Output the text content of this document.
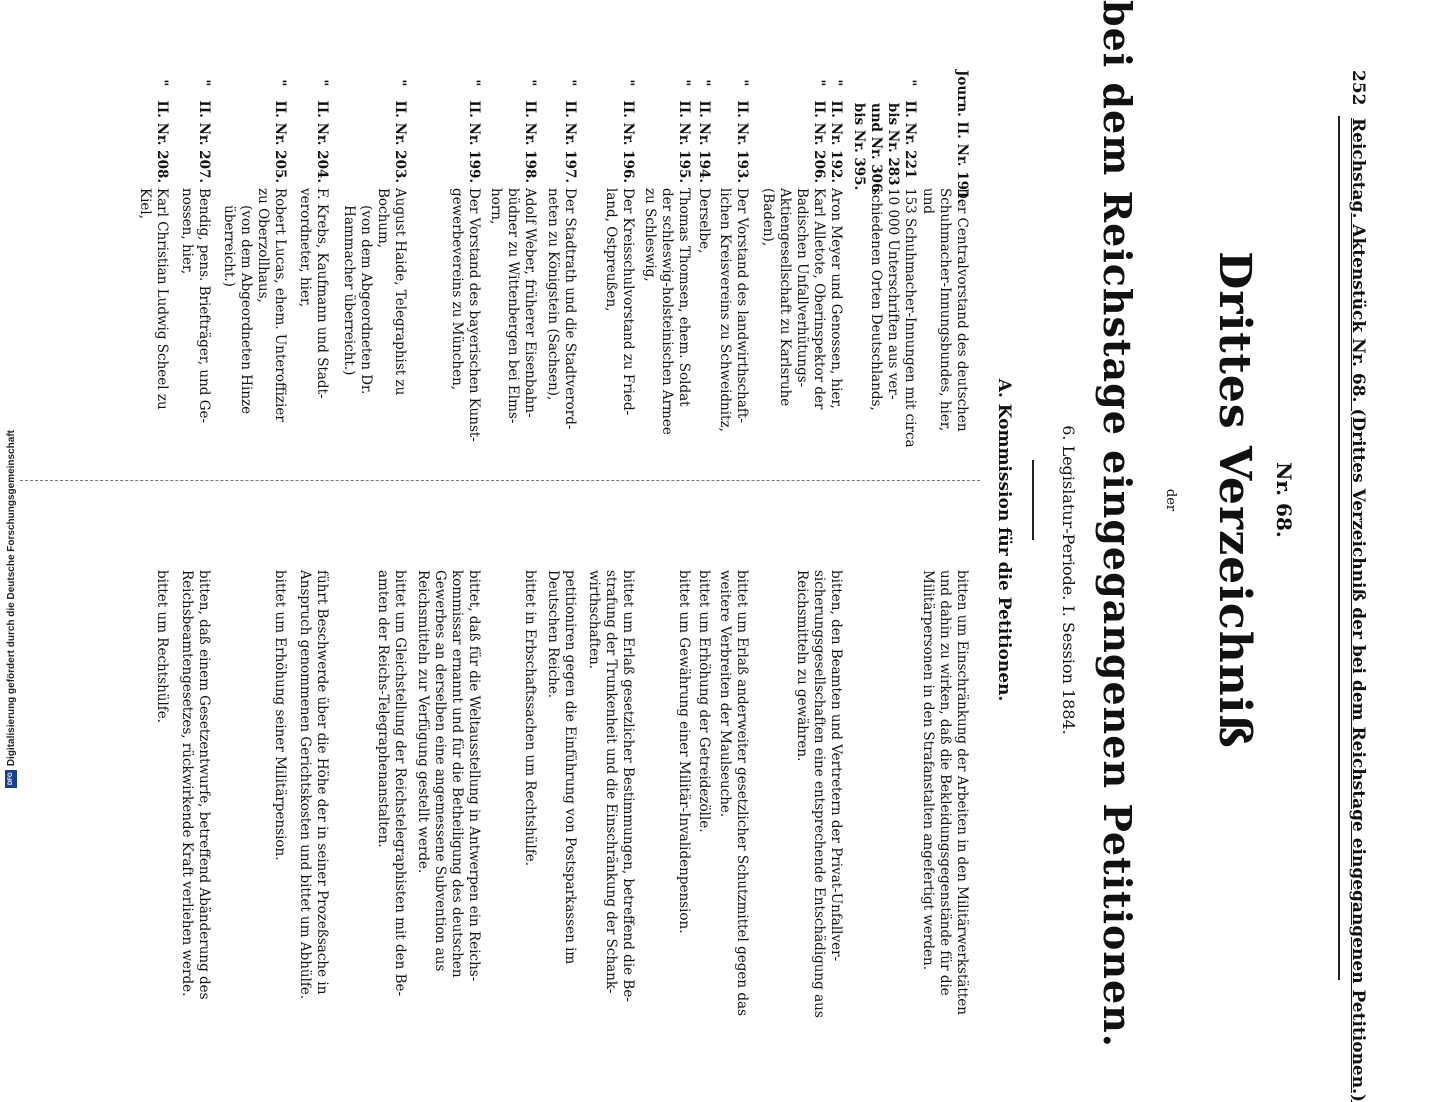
252
Reichstag. Aktenstück Nr. 68. (Drittes Verzeichniß der bei dem Reichstage eingegangenen Petitionen.)
Nr. 68.
Drittes Verzeichniß
der
bei dem Reichstage eingegangenen Petitionen.
6. Legislatur-Periode. I. Session 1884.
A. Kommission für die Petitionen.
Journ. II. Nr. 191.
Der Centralvorstand des deutschen
Schuhmacher-Innungsbundes, hier,
und
bitten um Einschränkung der Arbeiten in den Militärwerkstätten
und dahin zu wirken, daß die Bekleidungsgegenstände für die
Militärpersonen in den Strafanstalten angefertigt werden.
"   II. Nr. 221
bis Nr. 283
und Nr. 306
bis Nr. 395.
153 Schuhmacher-Innungen mit circa
10 000 Unterschriften aus ver-
schiedenen Orten Deutschlands,
"   II. Nr. 192.
"   II. Nr. 206.
Aron Meyer und Genossen, hier,
Karl Alletote, Oberinspektor der
Badischen Unfallverhütungs-
Aktiengesellschaft zu Karlsruhe
(Baden),
bitten, den Beamten und Vertretern der Privat-Unfallver-
sicherungsgesellschaften eine entsprechende Entschädigung aus
Reichsmitteln zu gewähren.
"   II. Nr. 193.
Der Vorstand des landwirthschaft-
lichen Kreisvereins zu Schweidnitz,
bittet um Erlaß anderweiter gesetzlicher Schutzmittel gegen das
weitere Verbreiten der Maulseuche.
"   II. Nr. 194.
Derselbe,
bittet um Erhöhung der Getreidezölle.
"   II. Nr. 195.
Thomas Thomsen, ehem. Soldat
der schleswig-holsteinischen Armee
zu Schleswig,
bittet um Gewährung einer Militär-Invalidenpension.
"   II. Nr. 196.
Der Kreisschulvorstand zu Fried-
land, Ostpreußen,
bittet um Erlaß gesetzlicher Bestimmungen, betreffend die Be-
strafung der Trunkenheit und die Einschränkung der Schank-
wirthschaften.
"   II. Nr. 197.
Der Stadtrath und die Stadtverord-
neten zu Königstein (Sachsen),
petitioniren gegen die Einführung von Postsparkassen im
Deutschen Reiche.
"   II. Nr. 198.
Adolf Weber, früherer Eisenbahn-
büdner zu Wittenbergen bei Elms-
horn,
bittet in Erbschaftssachen um Rechtshülfe.
"   II. Nr. 199.
Der Vorstand des bayerischen Kunst-
gewerbevereins zu München,
bittet, daß für die Weltausstellung in Antwerpen ein Reichs-
kommissar ernannt und für die Betheiligung des deutschen
Gewerbes an derselben eine angemessene Subvention aus
Reichsmitteln zur Verfügung gestellt werde.
"   II. Nr. 203.
August Haide, Telegraphist zu
Bochum,
(von dem Abgeordneten Dr.
Hammacher überreicht.)
bittet um Gleichstellung der Reichstelegraphisten mit den Be-
amten der Reichs-Telegraphenanstalten.
"   II. Nr. 204.
F. Krebs, Kaufmann und Stadt-
verordneter, hier,
führt Beschwerde über die Höhe der in seiner Prozeßsache in
Anspruch genommenen Gerichtskosten und bittet um Abhülfe.
"   II. Nr. 205.
Robert Lucas, ehem. Unteroffizier
zu Oberzollhaus,
(von dem Abgeordneten Hinze
überreicht.)
bittet um Erhöhung seiner Militärpension.
"   II. Nr. 207.
Bendig, pens. Briefträger, und Ge-
nossen, hier,
bitten, daß einem Gesetzentwurfe, betreffend Abänderung des
Reichsbeamtengesetzes, rückwirkende Kraft verliehen werde.
"   II. Nr. 208.
Karl Christian Ludwig Scheel zu
Kiel,
bittet um Rechtshülfe.
Digitalisierung gefördert durch die Deutsche Forschungsgemeinschaft
DFG
